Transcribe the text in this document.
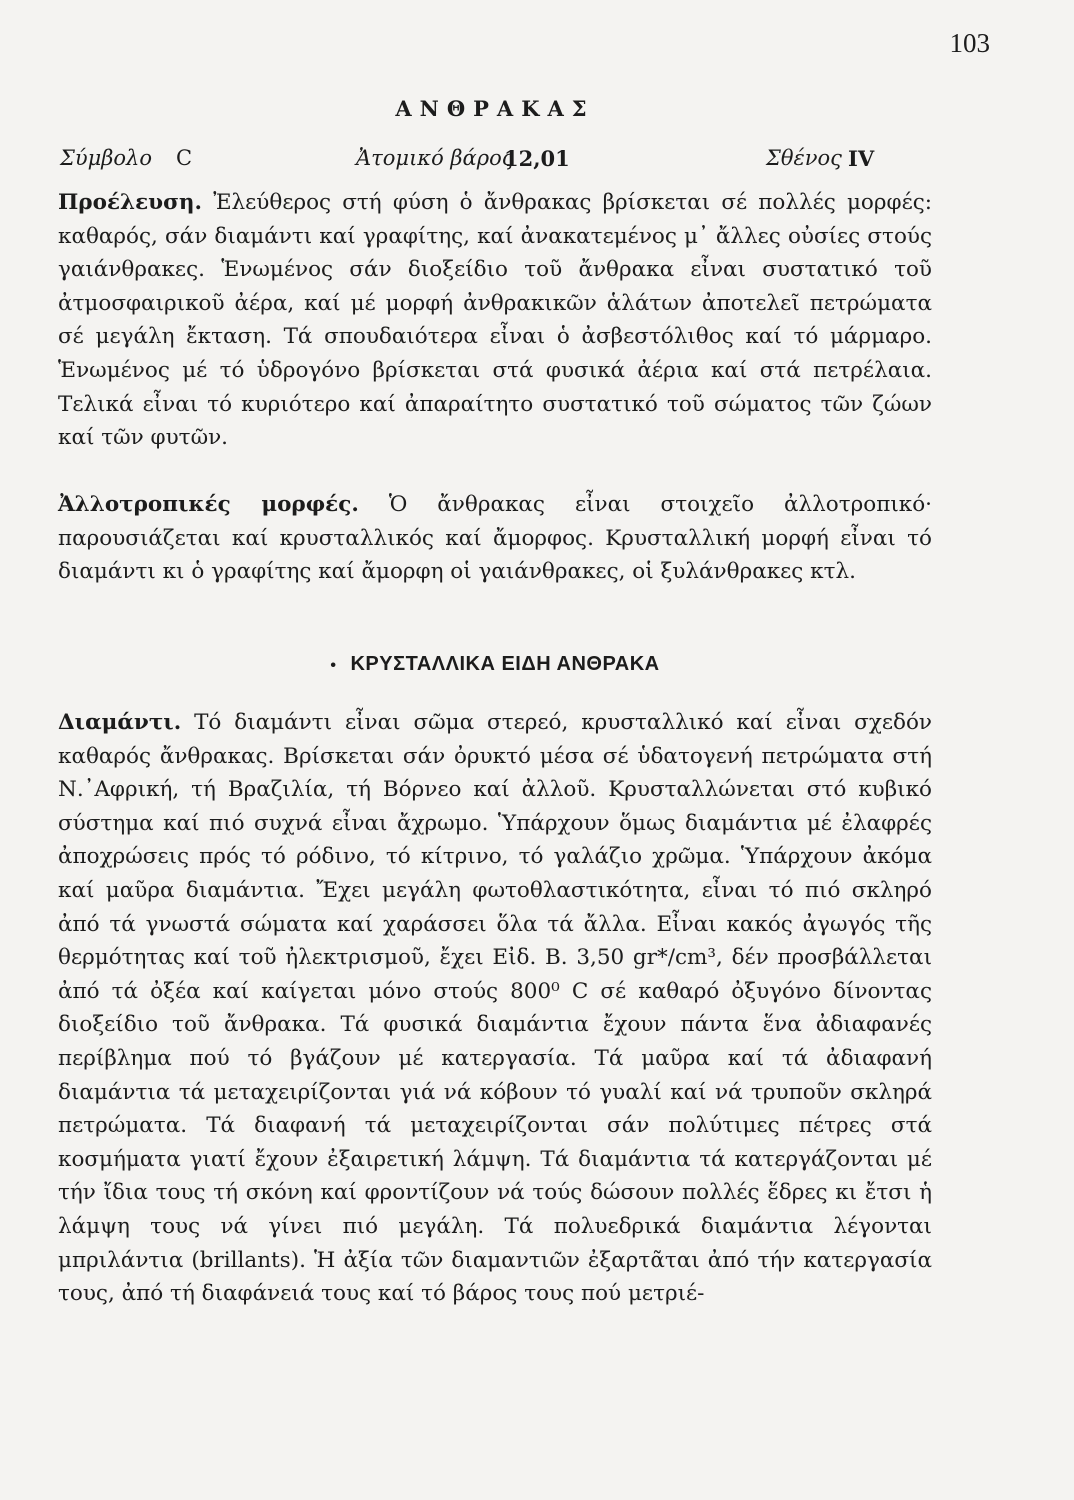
103
ΑΝΘΡΑΚΑΣ
Σύμβολο C	Ἀτομικό βάρος
12,01	Σθένος IV

Προέλευση. Ἐλεύθερος στή φύση ὁ ἄνθρακας βρίσκεται σέ πολλές μορφές: καθαρός, σάν διαμάντι καί γραφίτης, καί ἀνακατεμένος μ᾽ ἄλλες οὐσίες στούς γαιάνθρακες. Ἑνωμένος σάν διοξείδιο τοῦ ἄνθρακα εἶναι συστατικό τοῦ ἀτμοσφαιρικοῦ ἀέρα, καί μέ μορφή ἀνθρακικῶν ἁλάτων ἀποτελεῖ πετρώματα σέ μεγάλη ἔκταση. Τά σπουδαιότερα εἶναι ὁ ἀσβεστόλιθος καί τό μάρμαρο. Ἑνωμένος μέ τό ὑδρογόνο βρίσκεται στά φυσικά ἀέρια καί στά πετρέλαια. Τελικά εἶναι τό κυριότερο καί ἀπαραίτητο συστατικό τοῦ σώματος τῶν ζώων καί τῶν φυτῶν.

Ἀλλοτροπικές μορφές. Ὁ ἄνθρακας εἶναι στοιχεῖο ἀλλοτροπικό· παρουσιάζεται καί κρυσταλλικός καί ἄμορφος. Κρυσταλλική μορφή εἶναι τό διαμάντι κι ὁ γραφίτης καί ἄμορφη οἱ γαιάνθρακες, οἱ ξυλάνθρακες κτλ.

• ΚΡΥΣΤΑΛΛΙΚΑ ΕΙΔΗ ΑΝΘΡΑΚΑ

Διαμάντι. Τό διαμάντι εἶναι σῶμα στερεό, κρυσταλλικό καί εἶναι σχεδόν καθαρός ἄνθρακας. Βρίσκεται σάν ὀρυκτό μέσα σέ ὑδατογενή πετρώματα στή Ν.᾽Αφρική, τή Βραζιλία, τή Βόρνεο καί ἀλλοῦ. Κρυσταλλώνεται στό κυβικό σύστημα καί πιό συχνά εἶναι ἄχρωμο. Ὑπάρχουν ὅμως διαμάντια μέ ἐλαφρές ἀποχρώσεις πρός τό ρόδινο, τό κίτρινο, τό γαλάζιο χρῶμα. Ὑπάρχουν ἀκόμα καί μαῦρα διαμάντια. Ἔχει μεγάλη φωτοθλαστικότητα, εἶναι τό πιό σκληρό ἀπό τά γνωστά σώματα καί χαράσσει ὅλα τά ἄλλα. Εἶναι κακός ἀγωγός τῆς θερμότητας καί τοῦ ἠλεκτρισμοῦ, ἔχει Εἰδ. Β. 3,50 gr*/cm³, δέν προσβάλλεται ἀπό τά ὀξέα καί καίγεται μόνο στούς 800⁰ C σέ καθαρό ὀξυγόνο δίνοντας διοξείδιο τοῦ ἄνθρακα. Τά φυσικά διαμάντια ἔχουν πάντα ἕνα ἀδιαφανές περίβλημα πού τό βγάζουν μέ κατεργασία. Τά μαῦρα καί τά ἀδιαφανή διαμάντια τά μεταχειρίζονται γιά νά κόβουν τό γυαλί καί νά τρυποῦν σκληρά πετρώματα. Τά διαφανή τά μεταχειρίζονται σάν πολύτιμες πέτρες στά κοσμήματα γιατί ἔχουν ἐξαιρετική λάμψη. Τά διαμάντια τά κατεργάζονται μέ τήν ἴδια τους τή σκόνη καί φροντίζουν νά τούς δώσουν πολλές ἕδρες κι ἔτσι ἡ λάμψη τους νά γίνει πιό μεγάλη. Τά πολυεδρικά διαμάντια λέγονται μπριλάντια (brillants). Ἡ ἀξία τῶν διαμαντιῶν ἐξαρτᾶται ἀπό τήν κατεργασία τους, ἀπό τή διαφάνειά τους καί τό βάρος τους πού μετριέ-
